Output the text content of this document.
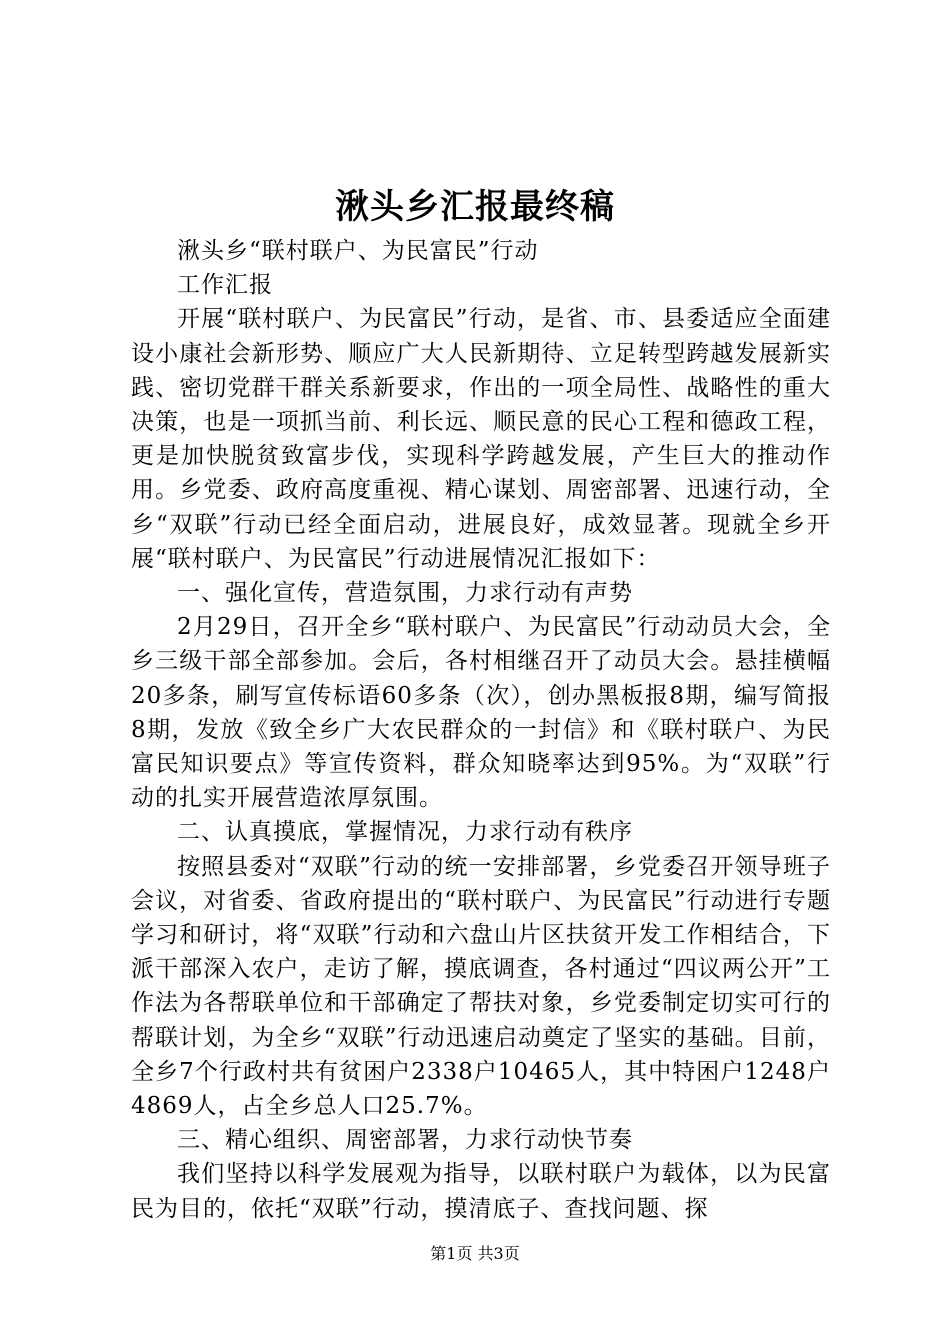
湫头乡汇报最终稿

湫头乡“联村联户、为民富民”行动

工作汇报

开展“联村联户、为民富民”行动，是省、市、县委适应全面建设小康社会新形势、顺应广大人民新期待、立足转型跨越发展新实践、密切党群干群关系新要求，作出的一项全局性、战略性的重大决策，也是一项抓当前、利长远、顺民意的民心工程和德政工程，更是加快脱贫致富步伐，实现科学跨越发展，产生巨大的推动作用。乡党委、政府高度重视、精心谋划、周密部署、迅速行动，全乡“双联”行动已经全面启动，进展良好，成效显著。现就全乡开展“联村联户、为民富民”行动进展情况汇报如下：

一、强化宣传，营造氛围，力求行动有声势

2月29日，召开全乡“联村联户、为民富民”行动动员大会，全乡三级干部全部参加。会后，各村相继召开了动员大会。悬挂横幅20多条，刷写宣传标语60多条（次），创办黑板报8期，编写简报8期，发放《致全乡广大农民群众的一封信》和《联村联户、为民富民知识要点》等宣传资料，群众知晓率达到95%。为“双联”行动的扎实开展营造浓厚氛围。

二、认真摸底，掌握情况，力求行动有秩序

按照县委对“双联”行动的统一安排部署，乡党委召开领导班子会议，对省委、省政府提出的“联村联户、为民富民”行动进行专题学习和研讨，将“双联”行动和六盘山片区扶贫开发工作相结合，下派干部深入农户，走访了解，摸底调查，各村通过“四议两公开”工作法为各帮联单位和干部确定了帮扶对象，乡党委制定切实可行的帮联计划，为全乡“双联”行动迅速启动奠定了坚实的基础。目前，全乡7个行政村共有贫困户2338户10465人，其中特困户1248户4869人，占全乡总人口25.7%。

三、精心组织、周密部署，力求行动快节奏

我们坚持以科学发展观为指导，以联村联户为载体，以为民富民为目的，依托“双联”行动，摸清底子、查找问题、探

第1页 共3页
